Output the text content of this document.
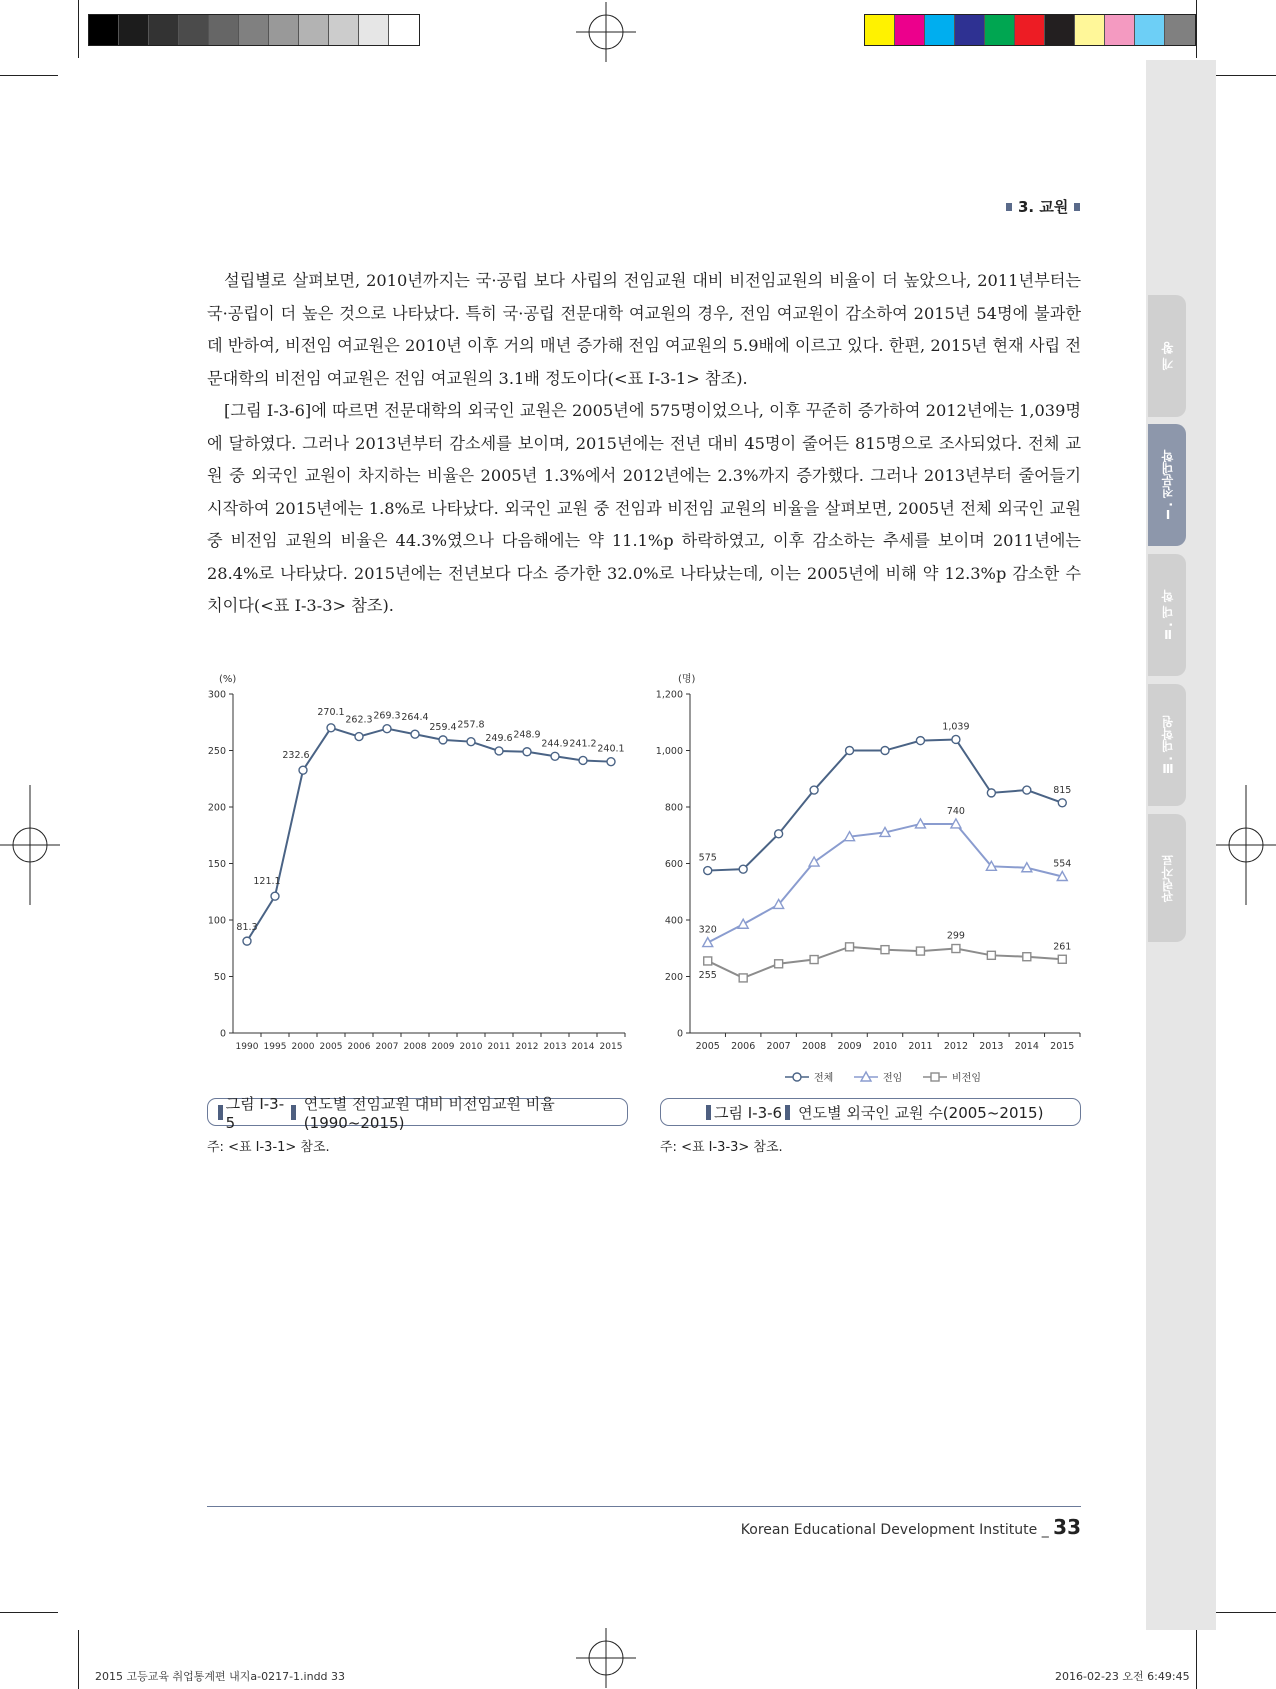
개 황
Ⅰ. 전문대학
Ⅱ. 대 학
Ⅲ. 대학원
관련자료
3. 교원

설립별로 살펴보면, 2010년까지는 국·공립 보다 사립의 전임교원 대비 비전임교원의 비율이 더 높았으나, 2011년부터는 국·공립이 더 높은 것으로 나타났다. 특히 국·공립 전문대학 여교원의 경우, 전임 여교원이 감소하여 2015년 54명에 불과한데 반하여, 비전임 여교원은 2010년 이후 거의 매년 증가해 전임 여교원의 5.9배에 이르고 있다. 한편, 2015년 현재 사립 전문대학의 비전임 여교원은 전임 여교원의 3.1배 정도이다(<표 Ⅰ-3-1> 참조).

[그림 Ⅰ-3-6]에 따르면 전문대학의 외국인 교원은 2005년에 575명이었으나, 이후 꾸준히 증가하여 2012년에는 1,039명에 달하였다. 그러나 2013년부터 감소세를 보이며, 2015년에는 전년 대비 45명이 줄어든 815명으로 조사되었다. 전체 교원 중 외국인 교원이 차지하는 비율은 2005년 1.3%에서 2012년에는 2.3%까지 증가했다. 그러나 2013년부터 줄어들기 시작하여 2015년에는 1.8%로 나타났다. 외국인 교원 중 전임과 비전임 교원의 비율을 살펴보면, 2005년 전체 외국인 교원 중 비전임 교원의 비율은 44.3%였으나 다음해에는 약 11.1%p 하락하였고, 이후 감소하는 추세를 보이며 2011년에는 28.4%로 나타났다. 2015년에는 전년보다 다소 증가한 32.0%로 나타났는데, 이는 2005년에 비해 약 12.3%p 감소한 수치이다(<표 Ⅰ-3-3> 참조).

(%)
0
50
100
150
200
250
300
1990 1995 2000 2005 2006 2007 2008 2009 2010 2011 2012 2013 2014 2015
81.3
121.1
232.6
270.1
262.3 269.3 264.4
259.4 257.8
249.6 248.9
244.9 241.2 240.1
(명)
0
200
400
600
800
1,000
1,200
2005 2006 2007 2008 2009 2010 2011 2012 2013 2014 2015
575
1,039
815
320
740
554
255
299
261
전체	전임	비전임
그림 Ⅰ-3-5
연도별 전임교원 대비 비전임교원 비율(1990~2015)
주: <표 Ⅰ-3-1> 참조.
그림 Ⅰ-3-6 연도별 외국인 교원 수(2005~2015)
주: <표 Ⅰ-3-3> 참조.
Korean Educational Development Institute _ 33
2015 고등교육 취업통계편 내지a-0217-1.indd 33	2016-02-23 오전 6:49:45
